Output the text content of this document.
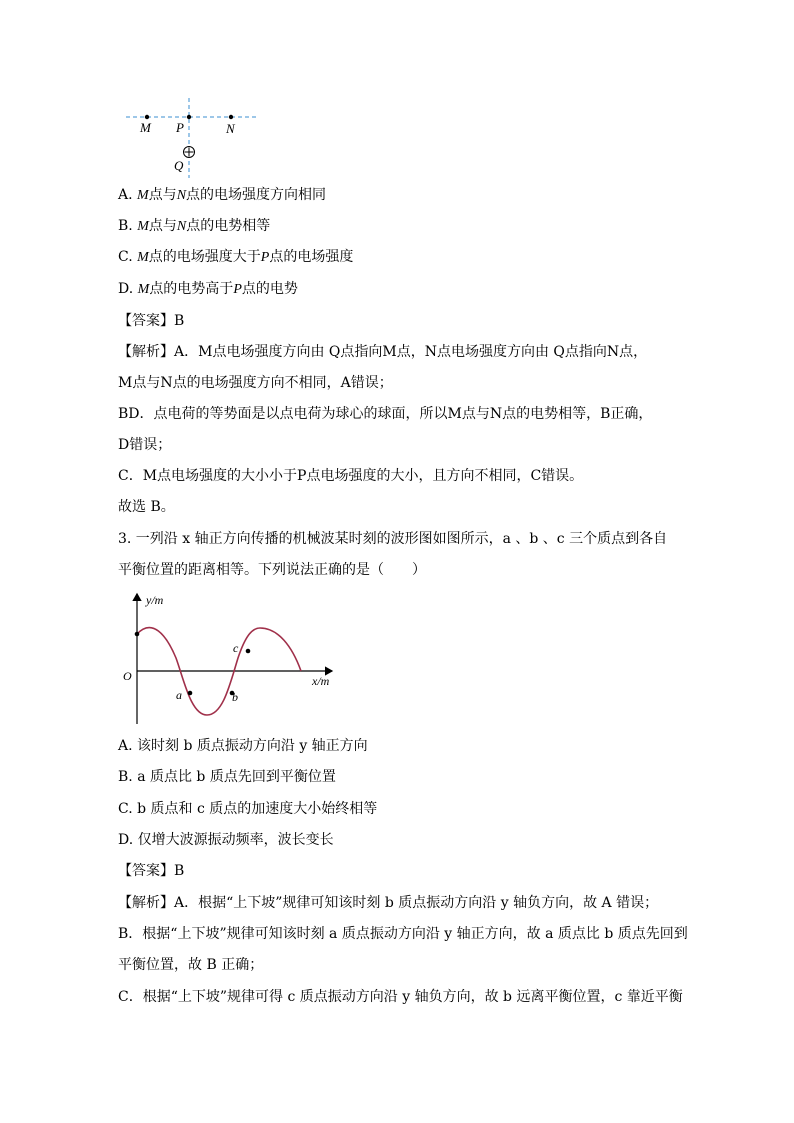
M P	N
Q
A. M点与N点的电场强度方向相同
B. M点与N点的电势相等
C. M点的电场强度大于P点的电场强度
D. M点的电势高于P点的电势
【答案】B
【解析】A．M点电场强度方向由 Q点指向M点，N点电场强度方向由 Q点指向N点，
M点与N点的电场强度方向不相同，A错误；
BD．点电荷的等势面是以点电荷为球心的球面，所以M点与N点的电势相等，B正确，
D错误；
C．M点电场强度的大小小于P点电场强度的大小，且方向不相同，C错误。
故选 B。
3. 一列沿 x 轴正方向传播的机械波某时刻的波形图如图所示，a 、b 、c 三个质点到各自
平衡位置的距离相等。下列说法正确的是（　　）
y/m
x/m
O
a	b
c
A. 该时刻 b 质点振动方向沿 y 轴正方向
B. a 质点比 b 质点先回到平衡位置
C. b 质点和 c 质点的加速度大小始终相等
D. 仅增大波源振动频率，波长变长
【答案】B
【解析】A．根据“上下坡”规律可知该时刻 b 质点振动方向沿 y 轴负方向，故 A 错误；
B．根据“上下坡”规律可知该时刻 a 质点振动方向沿 y 轴正方向，故 a 质点比 b 质点先回到
平衡位置，故 B 正确；
C．根据“上下坡”规律可得 c 质点振动方向沿 y 轴负方向，故 b 远离平衡位置，c 靠近平衡
